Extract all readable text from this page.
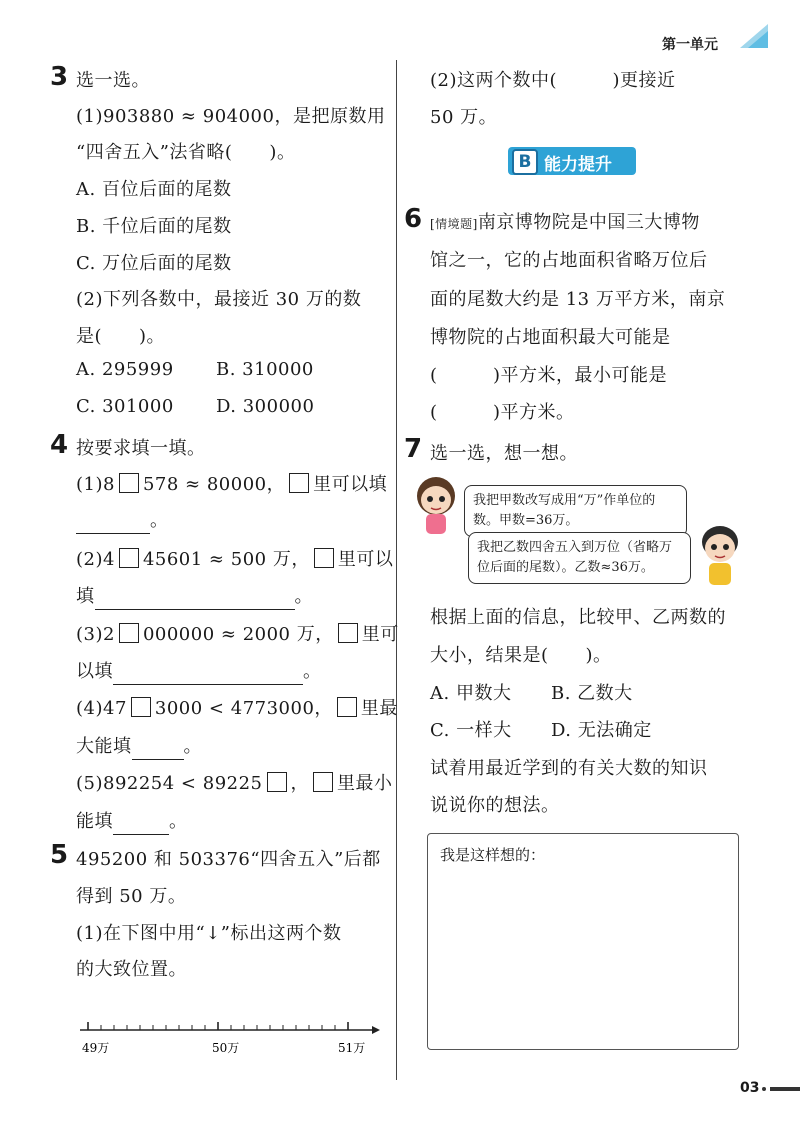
第一单元
3 选一选。
(1)903880 ≈ 904000，是把原数用
“四舍五入”法省略(　　)。
A. 百位后面的尾数
B. 千位后面的尾数
C. 万位后面的尾数
(2)下列各数中，最接近 30 万的数
是(　　)。
A. 295999 B. 310000
C. 301000 D. 300000
4 按要求填一填。
(1)8 578 ≈ 80000， 里可以填
。
(2)4 45601 ≈ 500 万， 里可以
填	。
(3)2 000000 ≈ 2000 万， 里可
以填	。
(4)47 3000 < 4773000， 里最
大能填	。
(5)892254 < 89225 ， 里最小
能填	。
5 495200 和 503376“四舍五入”后都
得到 50 万。
(1)在下图中用“↓”标出这两个数
的大致位置。
49万	50万	51万
(2)这两个数中(　　　)更接近
50 万。
B 能力提升
6 [情境题]南京博物院是中国三大博物
馆之一，它的占地面积省略万位后
面的尾数大约是 13 万平方米，南京
博物院的占地面积最大可能是
(　　　)平方米，最小可能是
(　　　)平方米。
7 选一选，想一想。
我把甲数改写成用“万”作单位的数。甲数=36万。
我把乙数四舍五入到万位（省略万位后面的尾数）。乙数≈36万。
根据上面的信息，比较甲、乙两数的
大小，结果是(　　)。
A. 甲数大 B. 乙数大
C. 一样大 D. 无法确定
试着用最近学到的有关大数的知识
说说你的想法。
我是这样想的：
03
